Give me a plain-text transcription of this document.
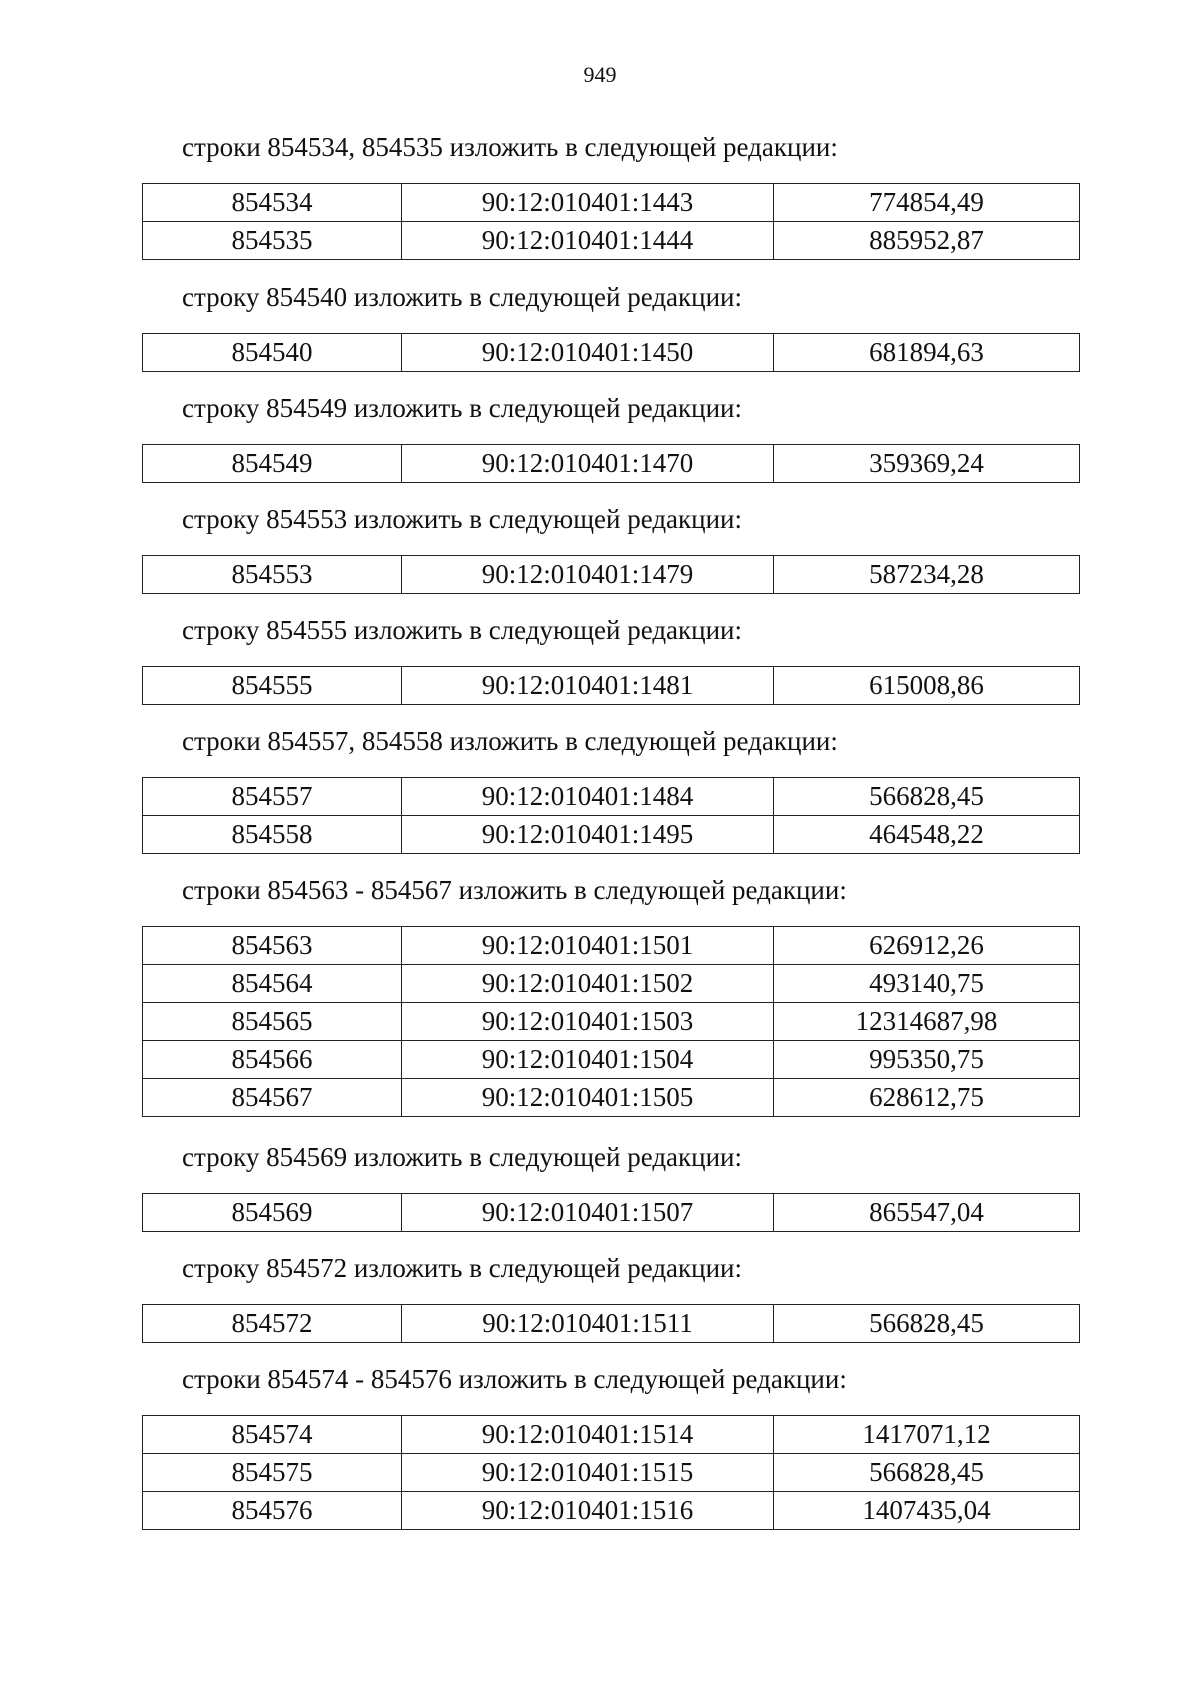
949
строки 854534, 854535 изложить в следующей редакции:
854534	90:12:010401:1443	774854,49
854535	90:12:010401:1444	885952,87
строку 854540 изложить в следующей редакции:
854540	90:12:010401:1450	681894,63
строку 854549 изложить в следующей редакции:
854549	90:12:010401:1470	359369,24
строку 854553 изложить в следующей редакции:
854553	90:12:010401:1479	587234,28
строку 854555 изложить в следующей редакции:
854555	90:12:010401:1481	615008,86
строки 854557, 854558 изложить в следующей редакции:
854557	90:12:010401:1484	566828,45
854558	90:12:010401:1495	464548,22
строки 854563 - 854567 изложить в следующей редакции:
854563	90:12:010401:1501	626912,26
854564	90:12:010401:1502	493140,75
854565	90:12:010401:1503	12314687,98
854566	90:12:010401:1504	995350,75
854567	90:12:010401:1505	628612,75
строку 854569 изложить в следующей редакции:
854569	90:12:010401:1507	865547,04
строку 854572 изложить в следующей редакции:
854572	90:12:010401:1511	566828,45
строки 854574 - 854576 изложить в следующей редакции:
854574	90:12:010401:1514	1417071,12
854575	90:12:010401:1515	566828,45
854576	90:12:010401:1516	1407435,04
